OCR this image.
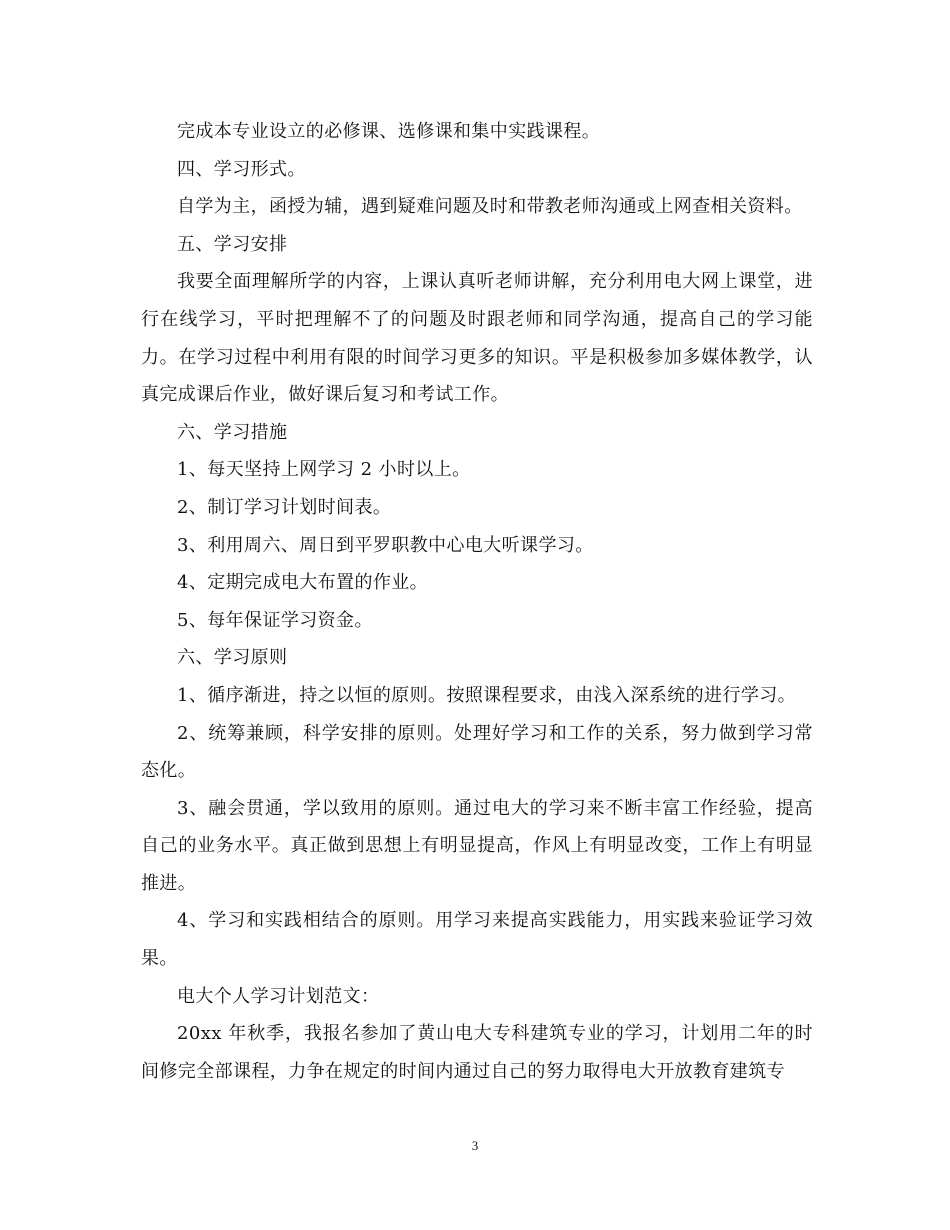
完成本专业设立的必修课、选修课和集中实践课程。

四、学习形式。

自学为主，函授为辅，遇到疑难问题及时和带教老师沟通或上网查相关资料。

五、学习安排

我要全面理解所学的内容，上课认真听老师讲解，充分利用电大网上课堂，进行在线学习，平时把理解不了的问题及时跟老师和同学沟通，提高自己的学习能力。在学习过程中利用有限的时间学习更多的知识。平是积极参加多媒体教学，认真完成课后作业，做好课后复习和考试工作。

六、学习措施

1、每天坚持上网学习 2 小时以上。

2、制订学习计划时间表。

3、利用周六、周日到平罗职教中心电大听课学习。

4、定期完成电大布置的作业。

5、每年保证学习资金。

六、学习原则

1、循序渐进，持之以恒的原则。按照课程要求，由浅入深系统的进行学习。

2、统筹兼顾，科学安排的原则。处理好学习和工作的关系，努力做到学习常态化。

3、融会贯通，学以致用的原则。通过电大的学习来不断丰富工作经验，提高自己的业务水平。真正做到思想上有明显提高，作风上有明显改变，工作上有明显推进。

4、学习和实践相结合的原则。用学习来提高实践能力，用实践来验证学习效果。

电大个人学习计划范文：

20xx 年秋季，我报名参加了黄山电大专科建筑专业的学习，计划用二年的时间修完全部课程，力争在规定的时间内通过自己的努力取得电大开放教育建筑专

3
